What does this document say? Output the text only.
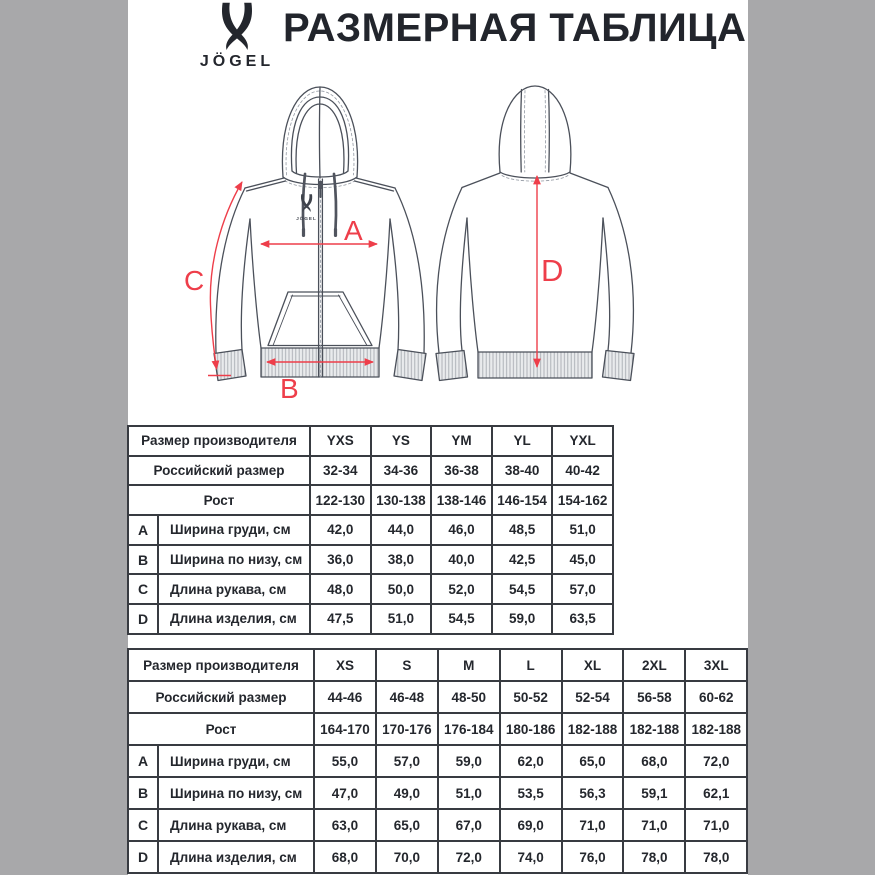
JÖGEL
РАЗМЕРНАЯ ТАБЛИЦА
JÖGEL A
B
C	D
Размер производителя		YXS	YS	YM	YL	YXL
Российский размер		32-34	34-36	36-38	38-40	40-42
Рост		122-130	130-138	138-146	146-154	154-162
A	Ширина груди, см	42,0	44,0	46,0	48,5	51,0
B	Ширина по низу, см	36,0	38,0	40,0	42,5	45,0
C	Длина рукава, см	48,0	50,0	52,0	54,5	57,0
D	Длина изделия, см	47,5	51,0	54,5	59,0	63,5
Размер производителя		XS	S	M	L	XL	2XL	3XL
Российский размер		44-46	46-48	48-50	50-52	52-54	56-58	60-62
Рост		164-170	170-176	176-184	180-186	182-188	182-188	182-188
A	Ширина груди, см	55,0	57,0	59,0	62,0	65,0	68,0	72,0
B	Ширина по низу, см	47,0	49,0	51,0	53,5	56,3	59,1	62,1
C	Длина рукава, см	63,0	65,0	67,0	69,0	71,0	71,0	71,0
D	Длина изделия, см	68,0	70,0	72,0	74,0	76,0	78,0	78,0
